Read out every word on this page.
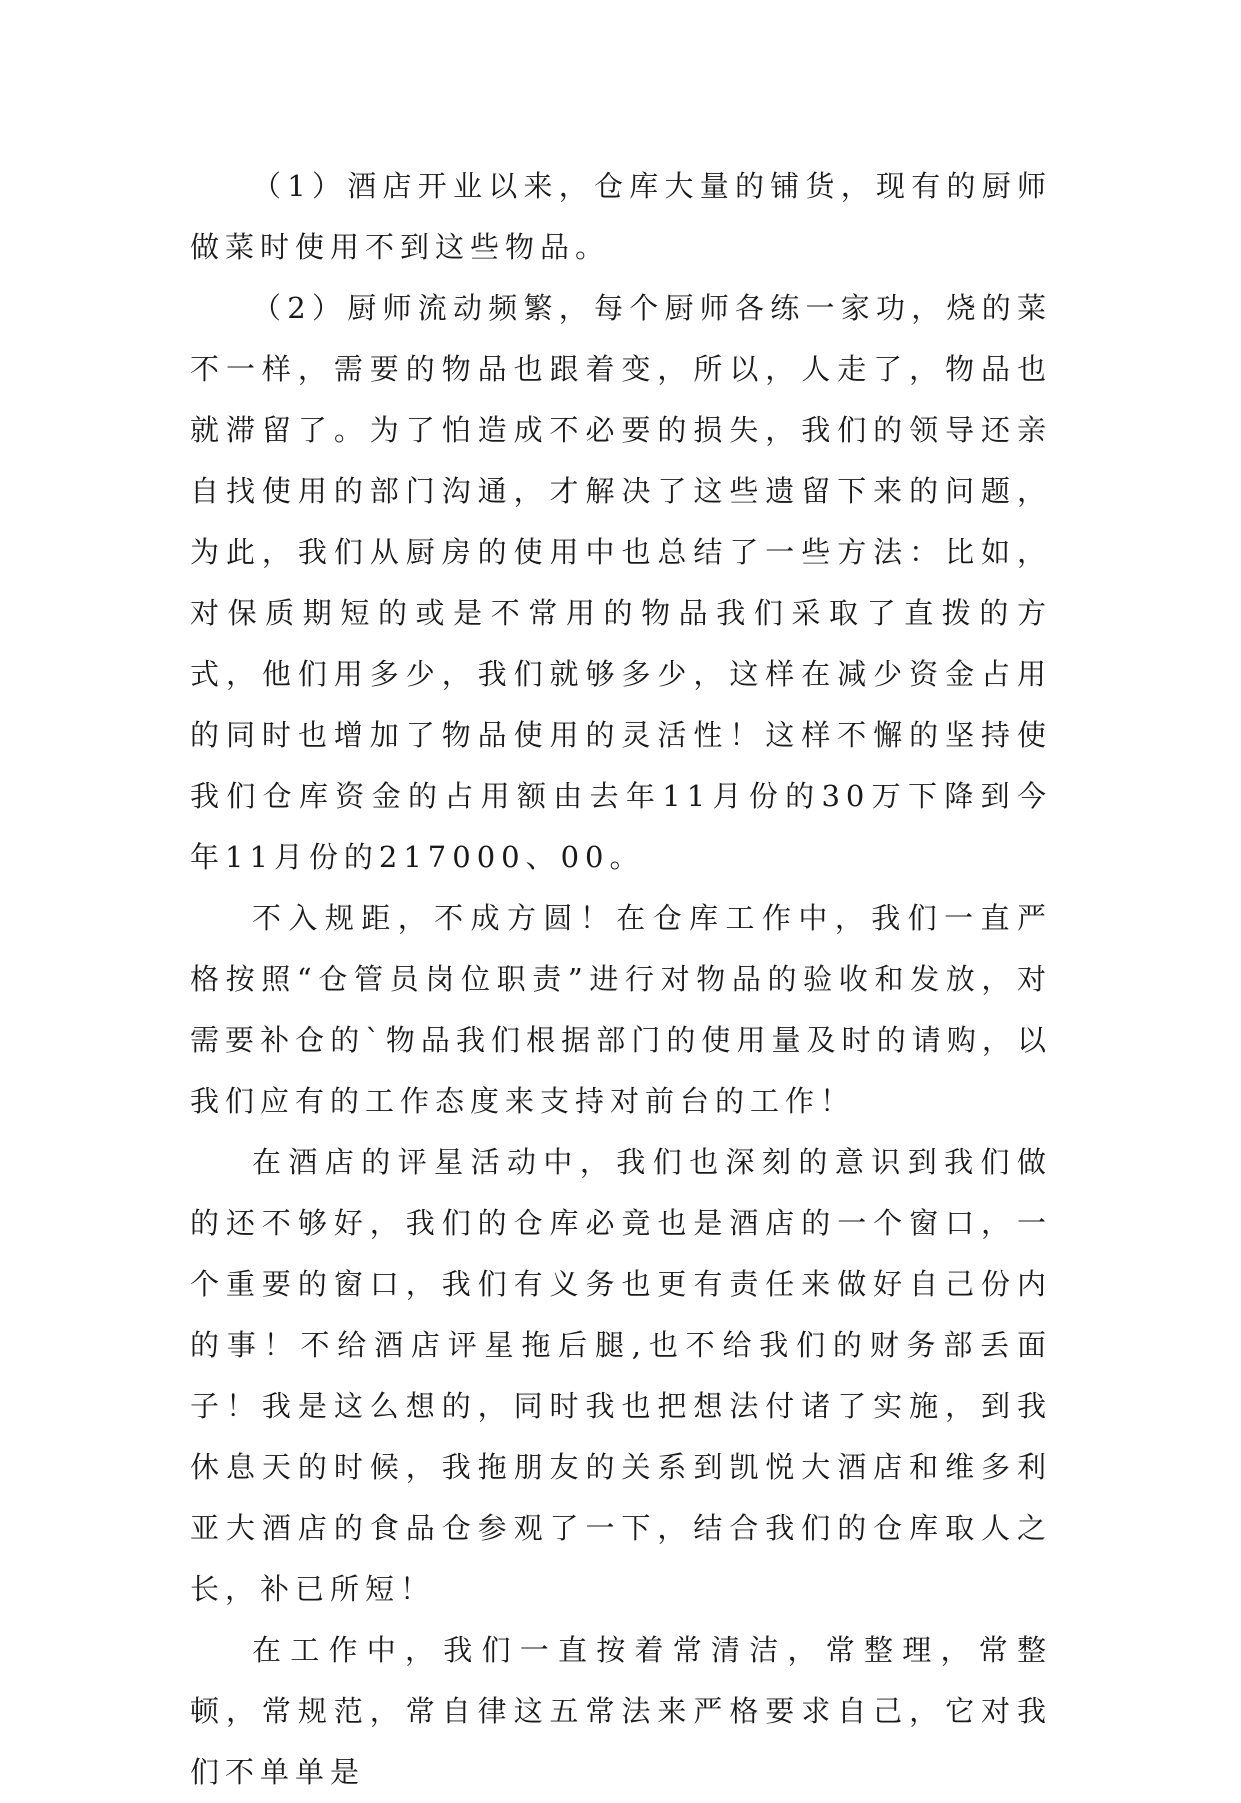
（1）酒店开业以来，仓库大量的铺货，现有的厨师做菜时使用不到这些物品。

（2）厨师流动频繁，每个厨师各练一家功，烧的菜不一样，需要的物品也跟着变，所以，人走了，物品也就滞留了。为了怕造成不必要的损失，我们的领导还亲自找使用的部门沟通，才解决了这些遗留下来的问题，为此，我们从厨房的使用中也总结了一些方法：比如，对保质期短的或是不常用的物品我们采取了直拨的方式，他们用多少，我们就够多少，这样在减少资金占用的同时也增加了物品使用的灵活性！这样不懈的坚持使我们仓库资金的占用额由去年11月份的30万下降到今年11月份的217000、00。

不入规距，不成方圆！在仓库工作中，我们一直严格按照“仓管员岗位职责”进行对物品的验收和发放，对需要补仓的`物品我们根据部门的使用量及时的请购，以我们应有的工作态度来支持对前台的工作！

在酒店的评星活动中，我们也深刻的意识到我们做的还不够好，我们的仓库必竟也是酒店的一个窗口，一个重要的窗口，我们有义务也更有责任来做好自己份内的事！不给酒店评星拖后腿,也不给我们的财务部丢面子！我是这么想的，同时我也把想法付诸了实施，到我休息天的时候，我拖朋友的关系到凯悦大酒店和维多利亚大酒店的食品仓参观了一下，结合我们的仓库取人之长，补已所短！

在工作中，我们一直按着常清洁，常整理，常整顿，常规范，常自律这五常法来严格要求自己，它对我们不单单是
